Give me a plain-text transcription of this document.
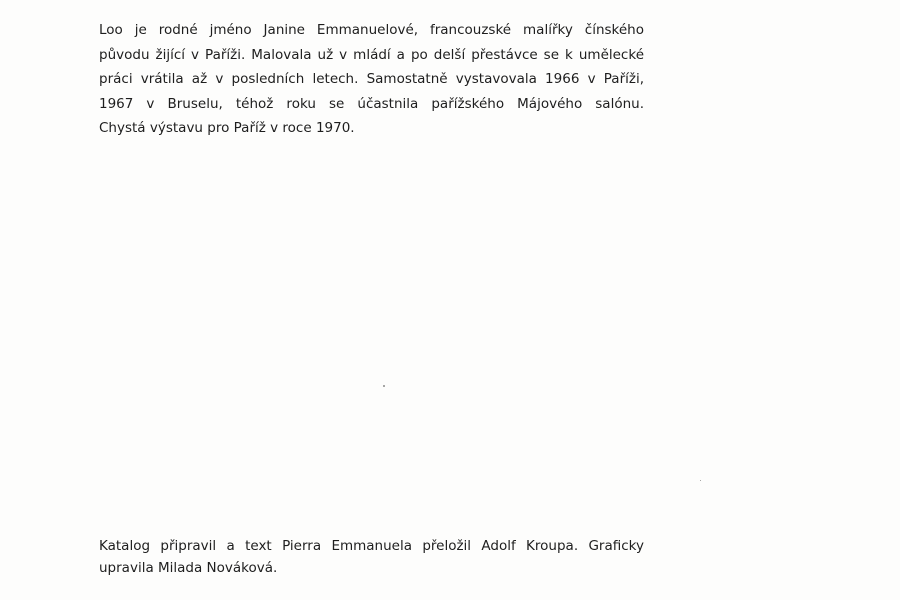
Loo je rodné jméno Janine Emmanuelové, francouzské malířky čínského
původu žijící v Paříži. Malovala už v mládí a po delší přestávce se k umělecké
práci vrátila až v posledních letech. Samostatně vystavovala 1966 v Paříži,
1967 v Bruselu, téhož roku se účastnila pařížského Májového salónu.
Chystá výstavu pro Paříž v roce 1970.
Katalog připravil a text Pierra Emmanuela přeložil Adolf Kroupa. Graficky
upravila Milada Nováková.
